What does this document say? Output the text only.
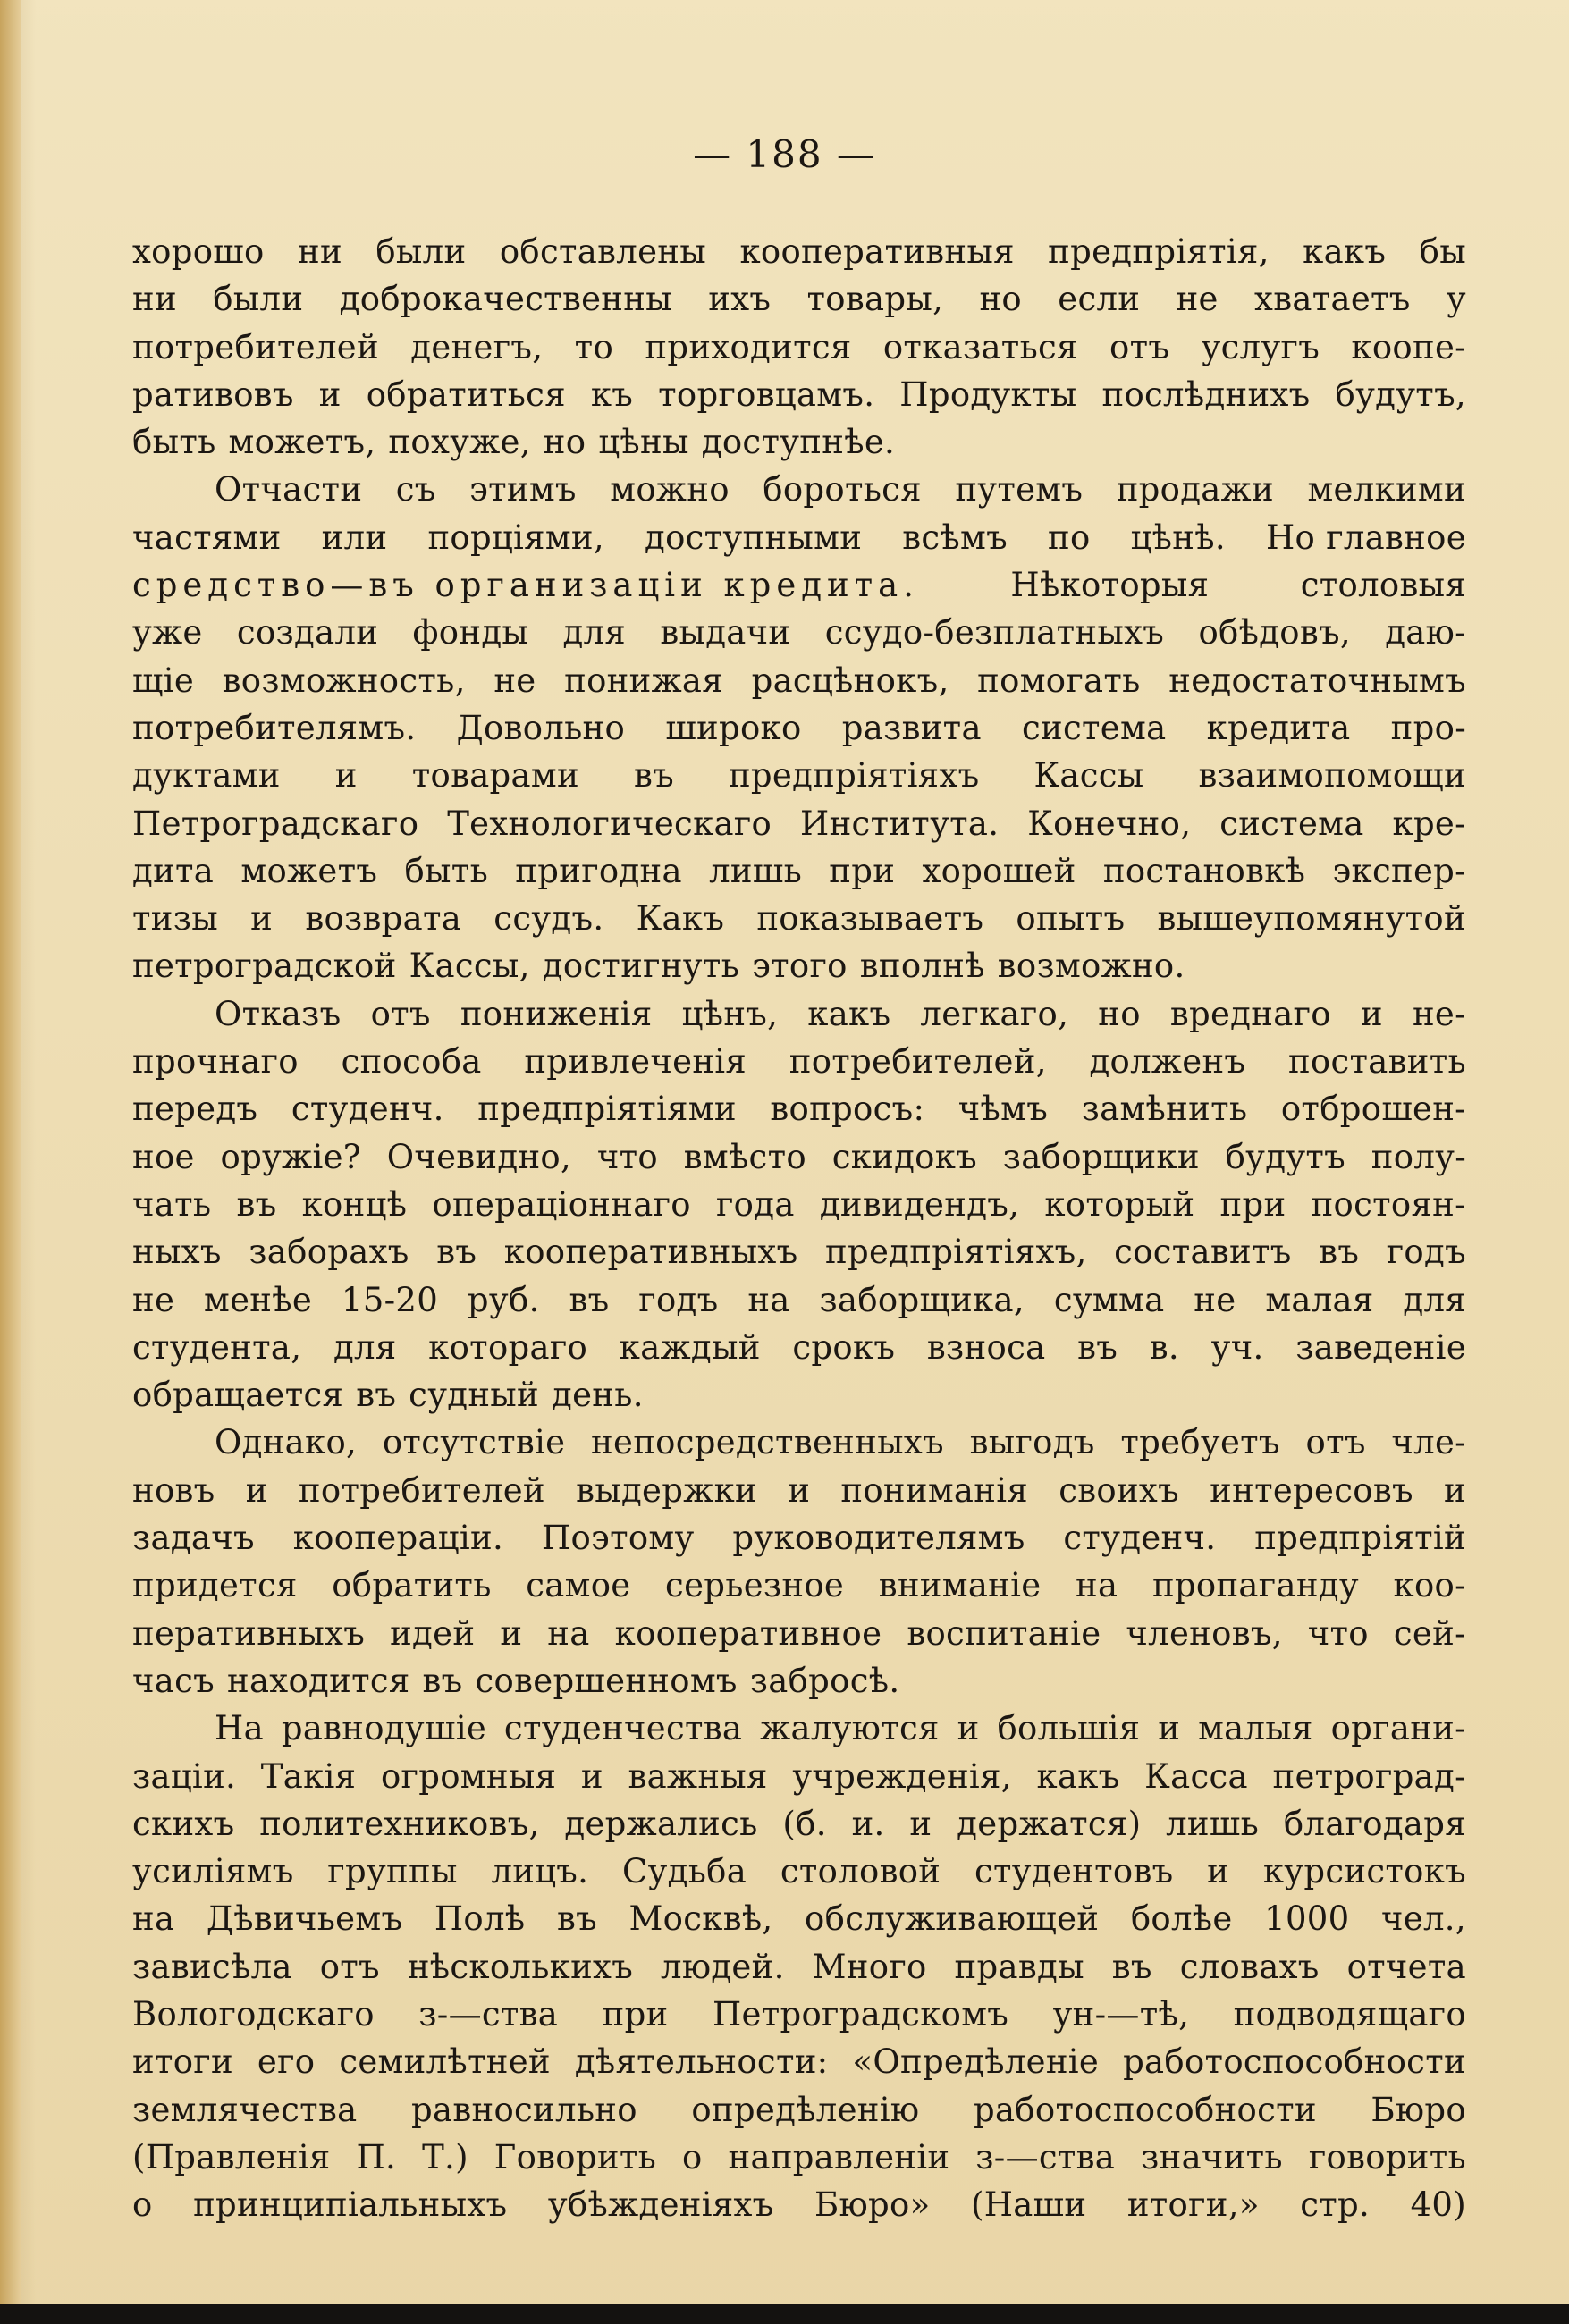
— 188 —
хорошо ни были обставлены кооперативныя предпріятія, какъ бы
ни были доброкачественны ихъ товары, но если не хватаетъ у
потребителей денегъ, то приходится отказаться отъ услугъ коопе-
ративовъ и обратиться къ торговцамъ. Продукты послѣднихъ будутъ,
быть можетъ, похуже, но цѣны доступнѣе.
Отчасти съ этимъ можно бороться путемъ продажи мелкими
частями или порціями, доступными всѣмъ по цѣнѣ. Но главное
средство—въ организаціи кредита.	Нѣкоторыя	столовыя
уже создали фонды для выдачи ссудо-безплатныхъ обѣдовъ, даю-
щіе возможность, не понижая расцѣнокъ, помогать недостаточнымъ
потребителямъ. Довольно широко развита система кредита про-
дуктами и товарами въ предпріятіяхъ Кассы взаимопомощи
Петроградскаго Технологическаго Института. Конечно, система кре-
дита можетъ быть пригодна лишь при хорошей постановкѣ экспер-
тизы и возврата ссудъ. Какъ показываетъ опытъ вышеупомянутой
петроградской Кассы, достигнуть этого вполнѣ возможно.
Отказъ отъ пониженія цѣнъ, какъ легкаго, но вреднаго и не-
прочнаго способа привлеченія потребителей, долженъ поставить
передъ студенч. предпріятіями вопросъ: чѣмъ замѣнить отброшен-
ное оружіе? Очевидно, что вмѣсто скидокъ заборщики будутъ полу-
чать въ концѣ операціоннаго года дивидендъ, который при постоян-
ныхъ заборахъ въ кооперативныхъ предпріятіяхъ, составитъ въ годъ
не менѣе 15-20 руб. въ годъ на заборщика, сумма не малая для
студента, для котораго каждый срокъ взноса въ в. уч. заведеніе
обращается въ судный день.
Однако, отсутствіе непосредственныхъ выгодъ требуетъ отъ чле-
новъ и потребителей выдержки и пониманія своихъ интересовъ и
задачъ коопераціи. Поэтому руководителямъ студенч. предпріятій
придется обратить самое серьезное вниманіе на пропаганду коо-
перативныхъ идей и на кооперативное воспитаніе членовъ, что сей-
часъ находится въ совершенномъ забросѣ.
На равнодушіе студенчества жалуются и большія и малыя органи-
заціи. Такія огромныя и важныя учрежденія, какъ Касса петроград-
скихъ политехниковъ, держались (б. и. и держатся) лишь благодаря
усиліямъ группы лицъ. Судьба столовой студентовъ и курсистокъ
на Дѣвичьемъ Полѣ въ Москвѣ, обслуживающей болѣе 1000 чел.,
зависѣла отъ нѣсколькихъ людей. Много правды въ словахъ отчета
Вологодскаго з-—ства при Петроградскомъ ун-—тѣ, подводящаго
итоги его семилѣтней дѣятельности: «Опредѣленіе работоспособности
землячества равносильно опредѣленію работоспособности Бюро
(Правленія П. Т.) Говорить о направленіи з-—ства значить говорить
о принципіальныхъ убѣжденіяхъ Бюро» (Наши итоги,» стр. 40)
